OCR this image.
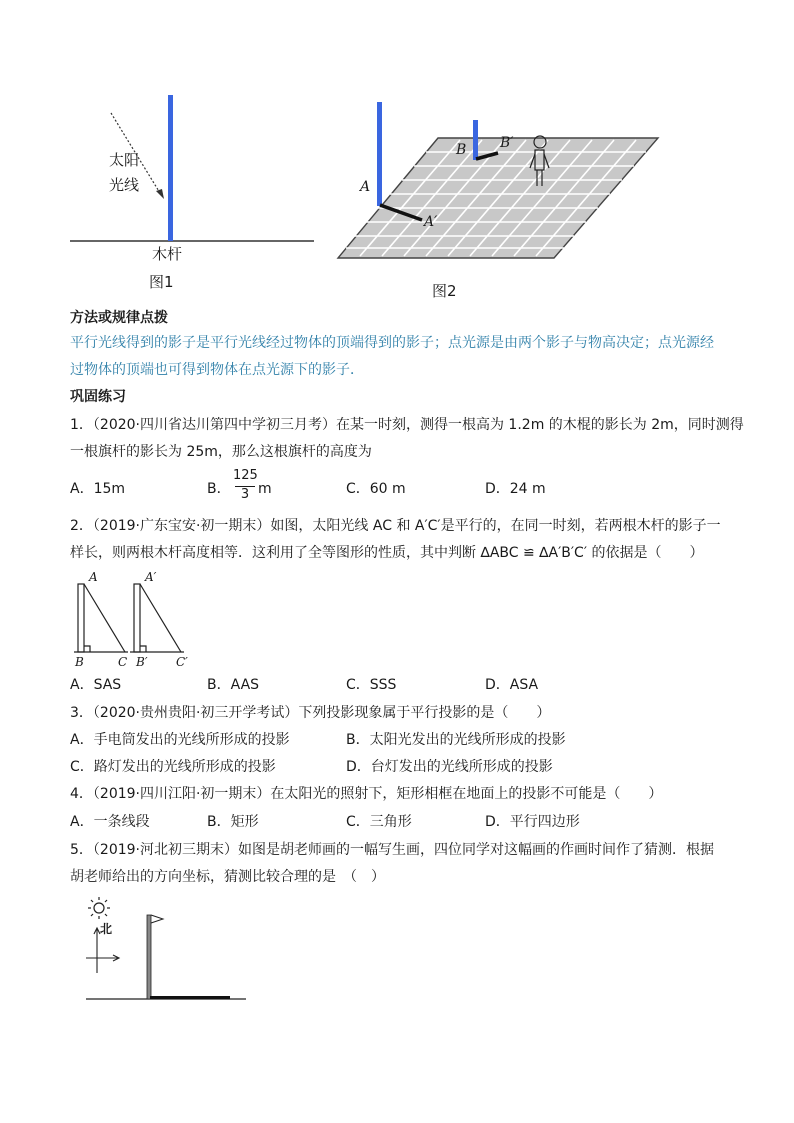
太阳
光线
木杆
图1
A
A′
B B′
图2
方法或规律点拨
平行光线得到的影子是平行光线经过物体的顶端得到的影子；点光源是由两个影子与物高决定；点光源经
过物体的顶端也可得到物体在点光源下的影子．
巩固练习
1．（2020·四川省达川第四中学初三月考）在某一时刻，测得一根高为 1.2m 的木棍的影长为 2m，同时测得
一根旗杆的影长为 25m，那么这根旗杆的高度为
A．15m	B．
125
3 m	C．60 m	D．24 m
2．（2019·广东宝安·初一期末）如图，太阳光线 AC 和 A′C′是平行的，在同一时刻，若两根木杆的影子一
样长，则两根木杆高度相等．这利用了全等图形的性质，其中判断 ∆ABC ≌ ∆A′B′C′ 的依据是（　　）
A
B	C
A′
B′ C′
A．SAS	B．AAS	C．SSS	D．ASA
3．（2020·贵州贵阳·初三开学考试）下列投影现象属于平行投影的是（　　）
A．手电筒发出的光线所形成的投影	B．太阳光发出的光线所形成的投影
C．路灯发出的光线所形成的投影	D．台灯发出的光线所形成的投影
4．（2019·四川江阳·初一期末）在太阳光的照射下，矩形相框在地面上的投影不可能是（　　）
A．一条线段	B．矩形	C．三角形	D．平行四边形
5．（2019·河北初三期末）如图是胡老师画的一幅写生画，四位同学对这幅画的作画时间作了猜测．根据
胡老师给出的方向坐标，猜测比较合理的是　（　）
北
